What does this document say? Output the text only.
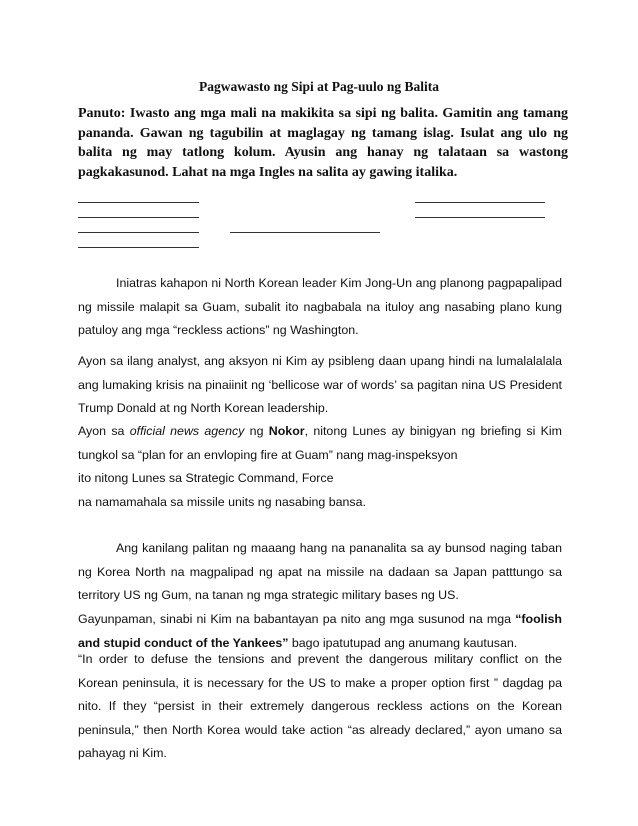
Pagwawasto ng Sipi at Pag-uulo ng Balita
Panuto: Iwasto ang mga mali na makikita sa sipi ng balita. Gamitin ang tamang pananda. Gawan ng tagubilin at maglagay ng tamang islag. Isulat ang ulo ng balita ng may tatlong kolum. Ayusin ang hanay ng talataan sa wastong pagkakasunod. Lahat na mga Ingles na salita ay gawing italika.

Iniatras kahapon ni North Korean leader Kim Jong-Un ang planong pagpapalipad ng missile malapit sa Guam, subalit ito nagbabala na ituloy ang nasabing plano kung patuloy ang mga “reckless actions” ng Washington.

Ayon sa ilang analyst, ang aksyon ni Kim ay psibleng daan upang hindi na lumalalalala ang lumaking krisis na pinaiinit ng ‘bellicose war of words’ sa pagitan nina US President Trump Donald at ng North Korean leadership.

Ayon sa official news agency ng Nokor, nitong Lunes ay binigyan ng briefing si Kim tungkol sa “plan for an envloping fire at Guam” nang mag-inspeksyon

ito nitong Lunes sa Strategic Command, Force

na namamahala sa missile units ng nasabing bansa.

Ang kanilang palitan ng maaang hang na pananalita sa ay bunsod naging taban ng Korea North na magpalipad ng apat na missile na dadaan sa Japan patttungo sa territory US ng Gum, na tanan ng mga strategic military bases ng US.

Gayunpaman, sinabi ni Kim na babantayan pa nito ang mga susunod na mga “foolish and stupid conduct of the Yankees” bago ipatutupad ang anumang kautusan.

“In order to defuse the tensions and prevent the dangerous military conflict on the Korean peninsula, it is necessary for the US to make a proper option first ” dagdag pa nito. If they “persist in their extremely dangerous reckless actions on the Korean peninsula,” then North Korea would take action “as already declared,” ayon umano sa pahayag ni Kim.
